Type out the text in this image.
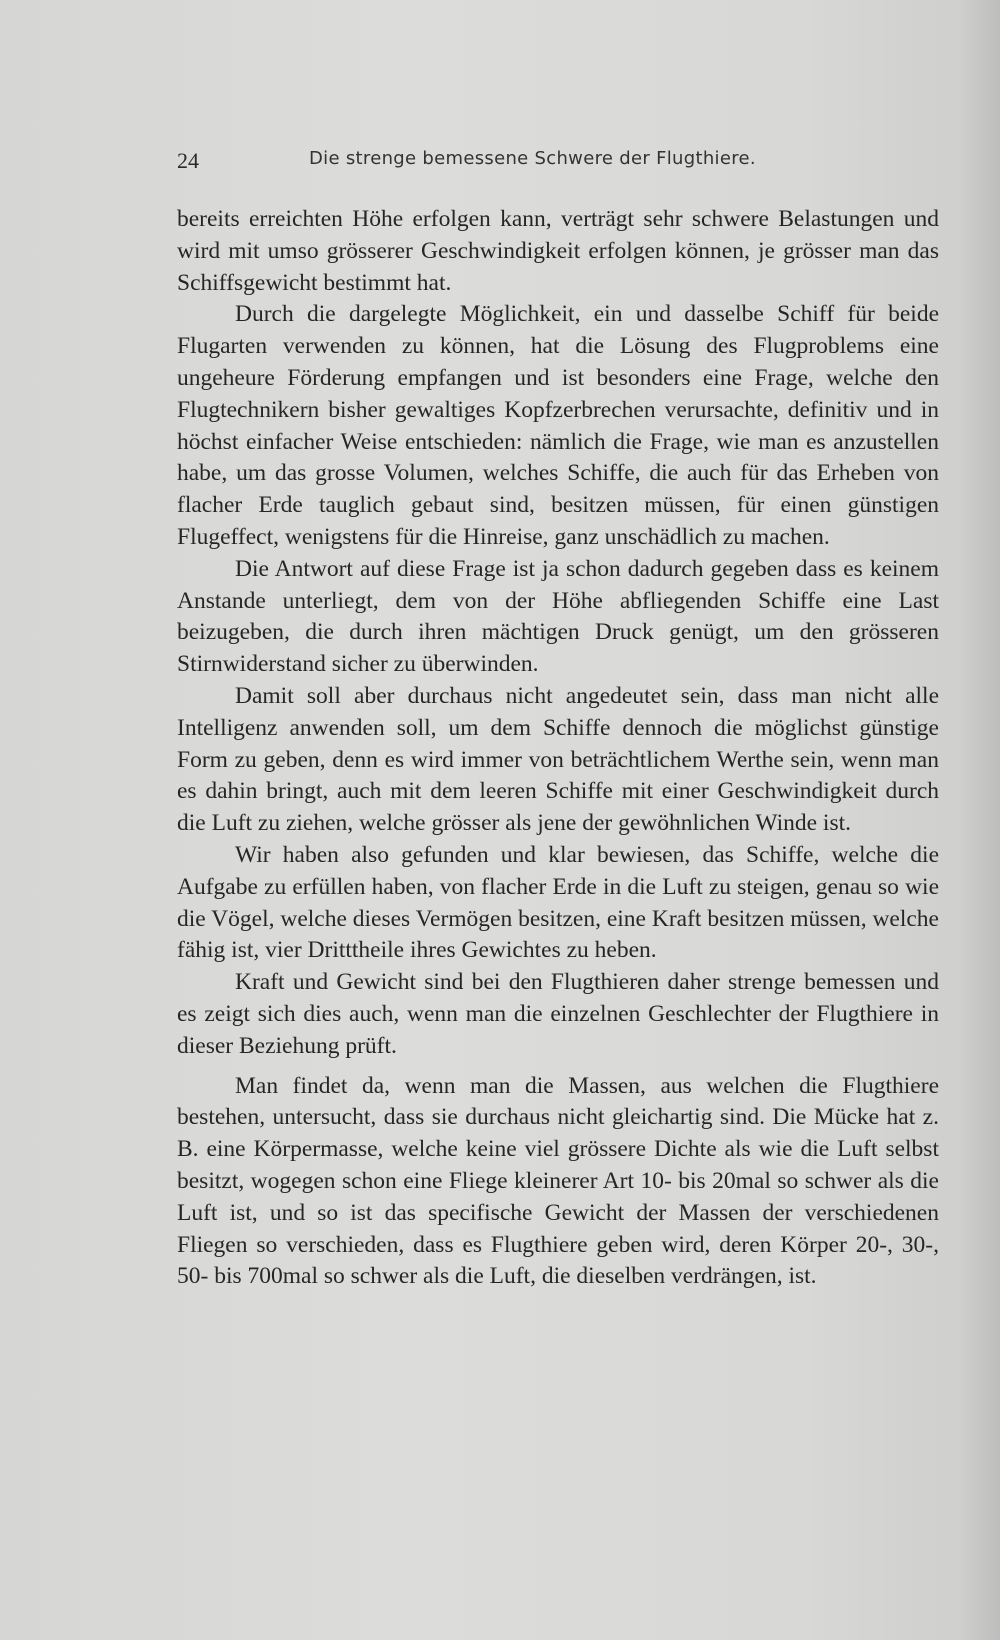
24	Die strenge bemessene Schwere der Flugthiere.

bereits erreichten Höhe erfolgen kann, verträgt sehr schwere Belastungen und wird mit umso grösserer Geschwindigkeit erfolgen können, je grösser man das Schiffsgewicht bestimmt hat.

Durch die dargelegte Möglichkeit, ein und dasselbe Schiff für beide Flugarten verwenden zu können, hat die Lösung des Flugproblems eine ungeheure Förderung empfangen und ist besonders eine Frage, welche den Flugtechnikern bisher gewaltiges Kopfzerbrechen verursachte, definitiv und in höchst einfacher Weise entschieden: nämlich die Frage, wie man es anzustellen habe, um das grosse Volumen, welches Schiffe, die auch für das Erheben von flacher Erde tauglich gebaut sind, besitzen müssen, für einen günstigen Flugeffect, wenigstens für die Hinreise, ganz unschädlich zu machen.

Die Antwort auf diese Frage ist ja schon dadurch gegeben dass es keinem Anstande unterliegt, dem von der Höhe abfliegenden Schiffe eine Last beizugeben, die durch ihren mächtigen Druck genügt, um den grösseren Stirnwiderstand sicher zu überwinden.

Damit soll aber durchaus nicht angedeutet sein, dass man nicht alle Intelligenz anwenden soll, um dem Schiffe dennoch die möglichst günstige Form zu geben, denn es wird immer von beträchtlichem Werthe sein, wenn man es dahin bringt, auch mit dem leeren Schiffe mit einer Geschwindigkeit durch die Luft zu ziehen, welche grösser als jene der gewöhnlichen Winde ist.

Wir haben also gefunden und klar bewiesen, das Schiffe, welche die Aufgabe zu erfüllen haben, von flacher Erde in die Luft zu steigen, genau so wie die Vögel, welche dieses Vermögen besitzen, eine Kraft besitzen müssen, welche fähig ist, vier Dritttheile ihres Gewichtes zu heben.

Kraft und Gewicht sind bei den Flugthieren daher strenge bemessen und es zeigt sich dies auch, wenn man die einzelnen Geschlechter der Flugthiere in dieser Beziehung prüft.

Man findet da, wenn man die Massen, aus welchen die Flugthiere bestehen, untersucht, dass sie durchaus nicht gleichartig sind. Die Mücke hat z. B. eine Körpermasse, welche keine viel grössere Dichte als wie die Luft selbst besitzt, wogegen schon eine Fliege kleinerer Art 10- bis 20mal so schwer als die Luft ist, und so ist das specifische Gewicht der Massen der verschiedenen Fliegen so verschieden, dass es Flugthiere geben wird, deren Körper 20-, 30-, 50- bis 700mal so schwer als die Luft, die dieselben verdrängen, ist.
